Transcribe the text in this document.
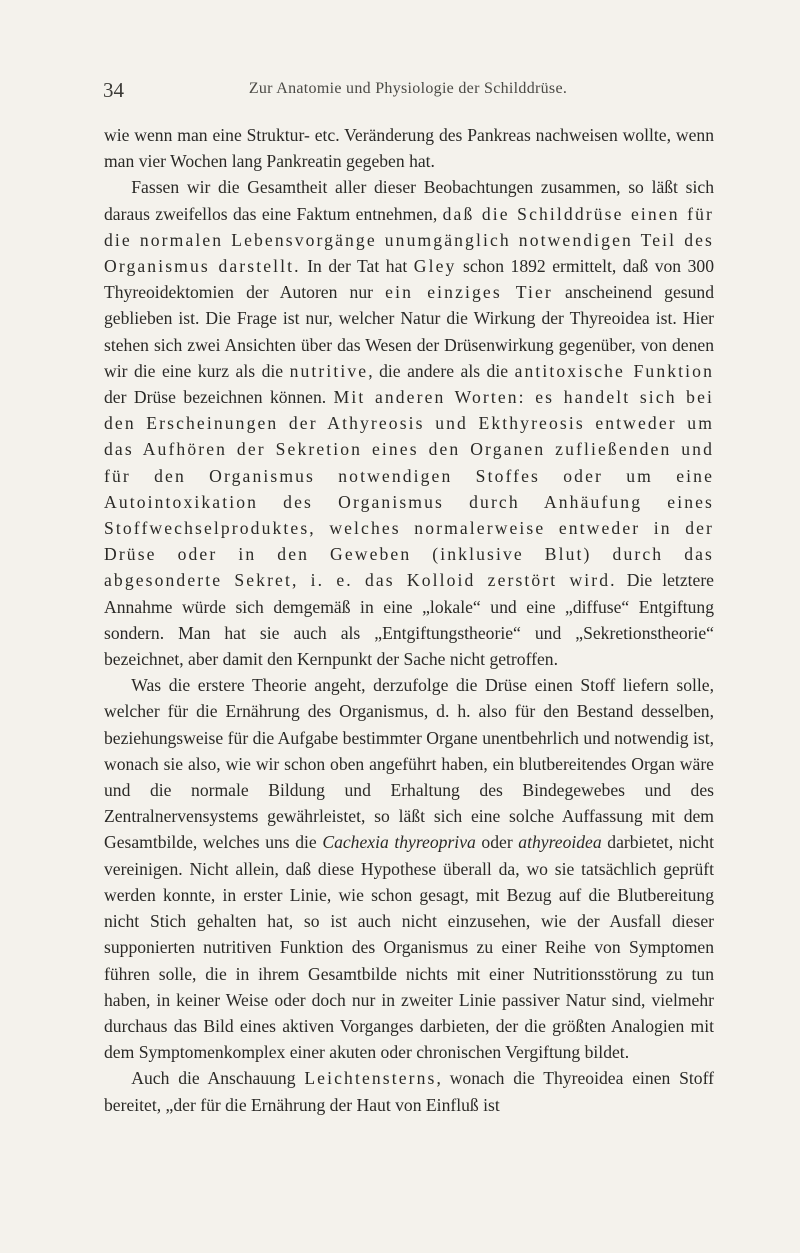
34	Zur Anatomie und Physiologie der Schilddrüse.

wie wenn man eine Struktur- etc. Veränderung des Pankreas nachweisen wollte, wenn man vier Wochen lang Pankreatin gegeben hat.

Fassen wir die Gesamtheit aller dieser Beobachtungen zusammen, so läßt sich daraus zweifellos das eine Faktum entnehmen, daß die Schilddrüse einen für die normalen Lebensvorgänge unumgänglich notwendigen Teil des Organismus darstellt. In der Tat hat Gley schon 1892 ermittelt, daß von 300 Thyreoidektomien der Autoren nur ein einziges Tier anscheinend gesund geblieben ist. Die Frage ist nur, welcher Natur die Wirkung der Thyreoidea ist. Hier stehen sich zwei Ansichten über das Wesen der Drüsenwirkung gegenüber, von denen wir die eine kurz als die nutritive, die andere als die antitoxische Funktion der Drüse bezeichnen können. Mit anderen Worten: es handelt sich bei den Erscheinungen der Athyreosis und Ekthyreosis entweder um das Aufhören der Sekretion eines den Organen zufließenden und für den Organismus notwendigen Stoffes oder um eine Autointoxikation des Organismus durch Anhäufung eines Stoffwechselproduktes, welches normalerweise entweder in der Drüse oder in den Geweben (inklusive Blut) durch das abgesonderte Sekret, i. e. das Kolloid zerstört wird. Die letztere Annahme würde sich demgemäß in eine „lokale“ und eine „diffuse“ Entgiftung sondern. Man hat sie auch als „Entgiftungstheorie“ und „Sekretionstheorie“ bezeichnet, aber damit den Kernpunkt der Sache nicht getroffen.

Was die erstere Theorie angeht, derzufolge die Drüse einen Stoff liefern solle, welcher für die Ernährung des Organismus, d. h. also für den Bestand desselben, beziehungsweise für die Aufgabe bestimmter Organe unentbehrlich und notwendig ist, wonach sie also, wie wir schon oben angeführt haben, ein blutbereitendes Organ wäre und die normale Bildung und Erhaltung des Bindegewebes und des Zentralnervensystems gewährleistet, so läßt sich eine solche Auffassung mit dem Gesamtbilde, welches uns die Cachexia thyreopriva oder athyreoidea darbietet, nicht vereinigen. Nicht allein, daß diese Hypothese überall da, wo sie tatsächlich geprüft werden konnte, in erster Linie, wie schon gesagt, mit Bezug auf die Blutbereitung nicht Stich gehalten hat, so ist auch nicht einzusehen, wie der Ausfall dieser supponierten nutritiven Funktion des Organismus zu einer Reihe von Symptomen führen solle, die in ihrem Gesamtbilde nichts mit einer Nutritionsstörung zu tun haben, in keiner Weise oder doch nur in zweiter Linie passiver Natur sind, vielmehr durchaus das Bild eines aktiven Vorganges darbieten, der die größten Analogien mit dem Symptomenkomplex einer akuten oder chronischen Vergiftung bildet.

Auch die Anschauung Leichtensterns, wonach die Thyreoidea einen Stoff bereitet, „der für die Ernährung der Haut von Einfluß ist
